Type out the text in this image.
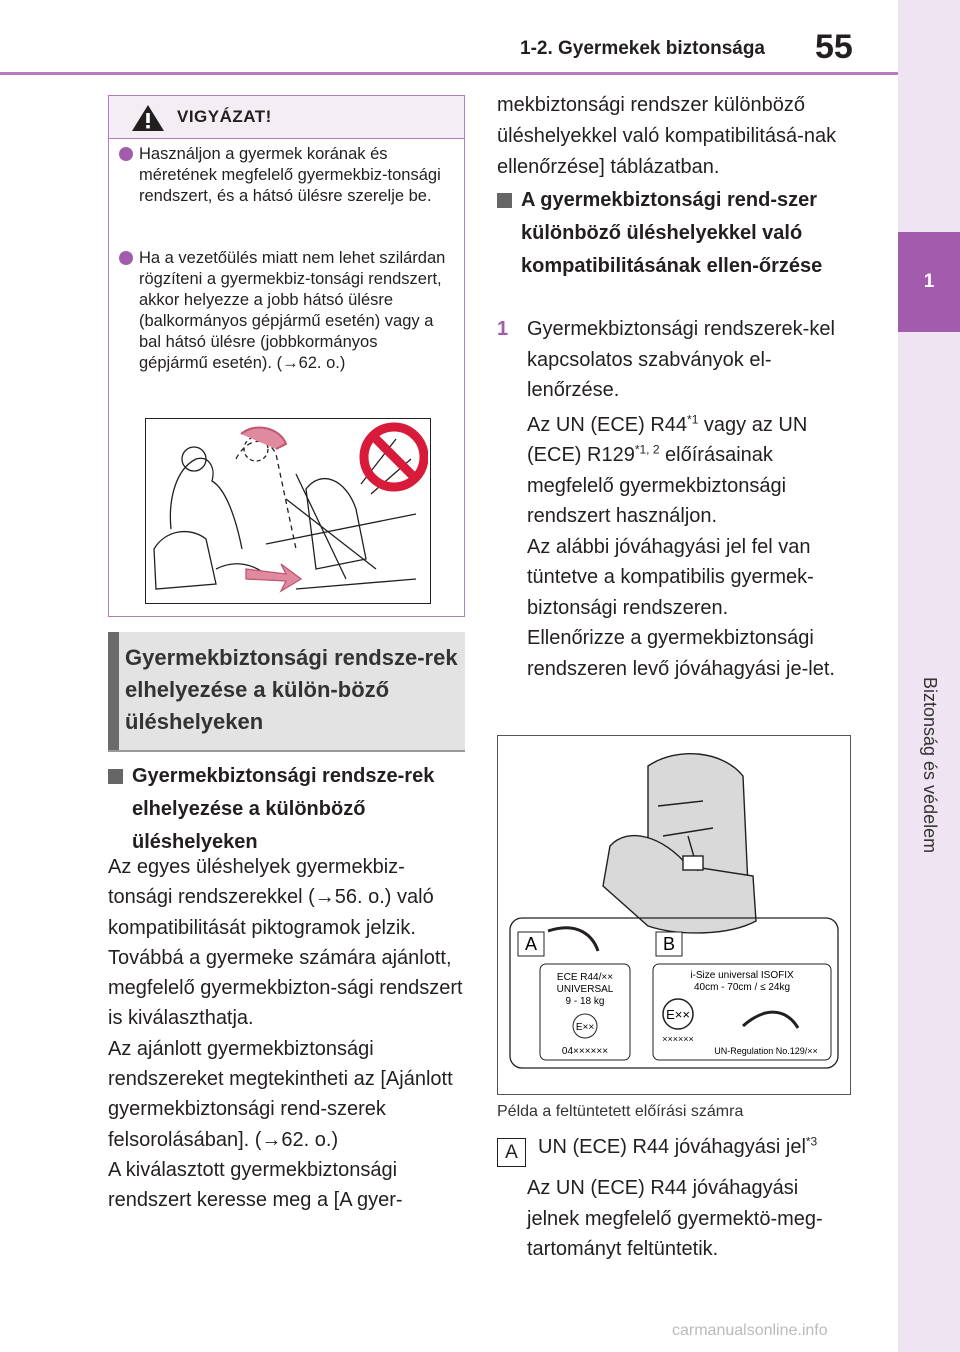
1-2. Gyermekek biztonsága 55
1
Biztonság és védelem
VIGYÁZAT!
Használjon a gyermek korának és méretének megfelelő gyermekbiz-tonsági rendszert, és a hátsó ülésre szerelje be.
Ha a vezetőülés miatt nem lehet szilárdan rögzíteni a gyermekbiz-tonsági rendszert, akkor helyezze a jobb hátsó ülésre (balkormányos gépjármű esetén) vagy a bal hátsó ülésre (jobbkormányos gépjármű esetén). (→62. o.)
Gyermekbiztonsági rendsze-rek elhelyezése a külön-böző üléshelyeken
Gyermekbiztonsági rendsze-rek elhelyezése a különböző üléshelyeken
Az egyes üléshelyek gyermekbiz-tonsági rendszerekkel (→56. o.) való kompatibilitását piktogramok jelzik.
Továbbá a gyermeke számára ajánlott, megfelelő gyermekbizton-sági rendszert is kiválaszthatja.
Az ajánlott gyermekbiztonsági rendszereket megtekintheti az [Ajánlott gyermekbiztonsági rend-szerek felsorolásában]. (→62. o.)
A kiválasztott gyermekbiztonsági rendszert keresse meg a [A gyer-
mekbiztonsági rendszer különböző üléshelyekkel való kompatibilitásá-nak ellenőrzése] táblázatban.
A gyermekbiztonsági rend-szer különböző üléshelyekkel való kompatibilitásának ellen-őrzése
1 Gyermekbiztonsági rendszerek-kel kapcsolatos szabványok el-lenőrzése.
Az UN (ECE) R44$^{*1}$ vagy az UN (ECE) R129$^{*1, 2}$ előírásainak megfelelő gyermekbiztonsági rendszert használjon.
Az alábbi jóváhagyási jel fel van tüntetve a kompatibilis gyermek-biztonsági rendszeren.
Ellenőrizze a gyermekbiztonsági rendszeren levő jóváhagyási je-let.
A
ECE R44/××
UNIVERSAL
9 - 18 kg
E××
04××××××
B
i-Size universal ISOFIX
40cm - 70cm / ≤ 24kg
E××
××××××
UN-Regulation No.129/××
Példa a feltüntetett előírási számra
A	UN (ECE) R44 jóváhagyási jel$^{*3}$
Az UN (ECE) R44 jóváhagyási jelnek megfelelő gyermektö-meg-tartományt feltüntetik.
carmanualsonline.info
